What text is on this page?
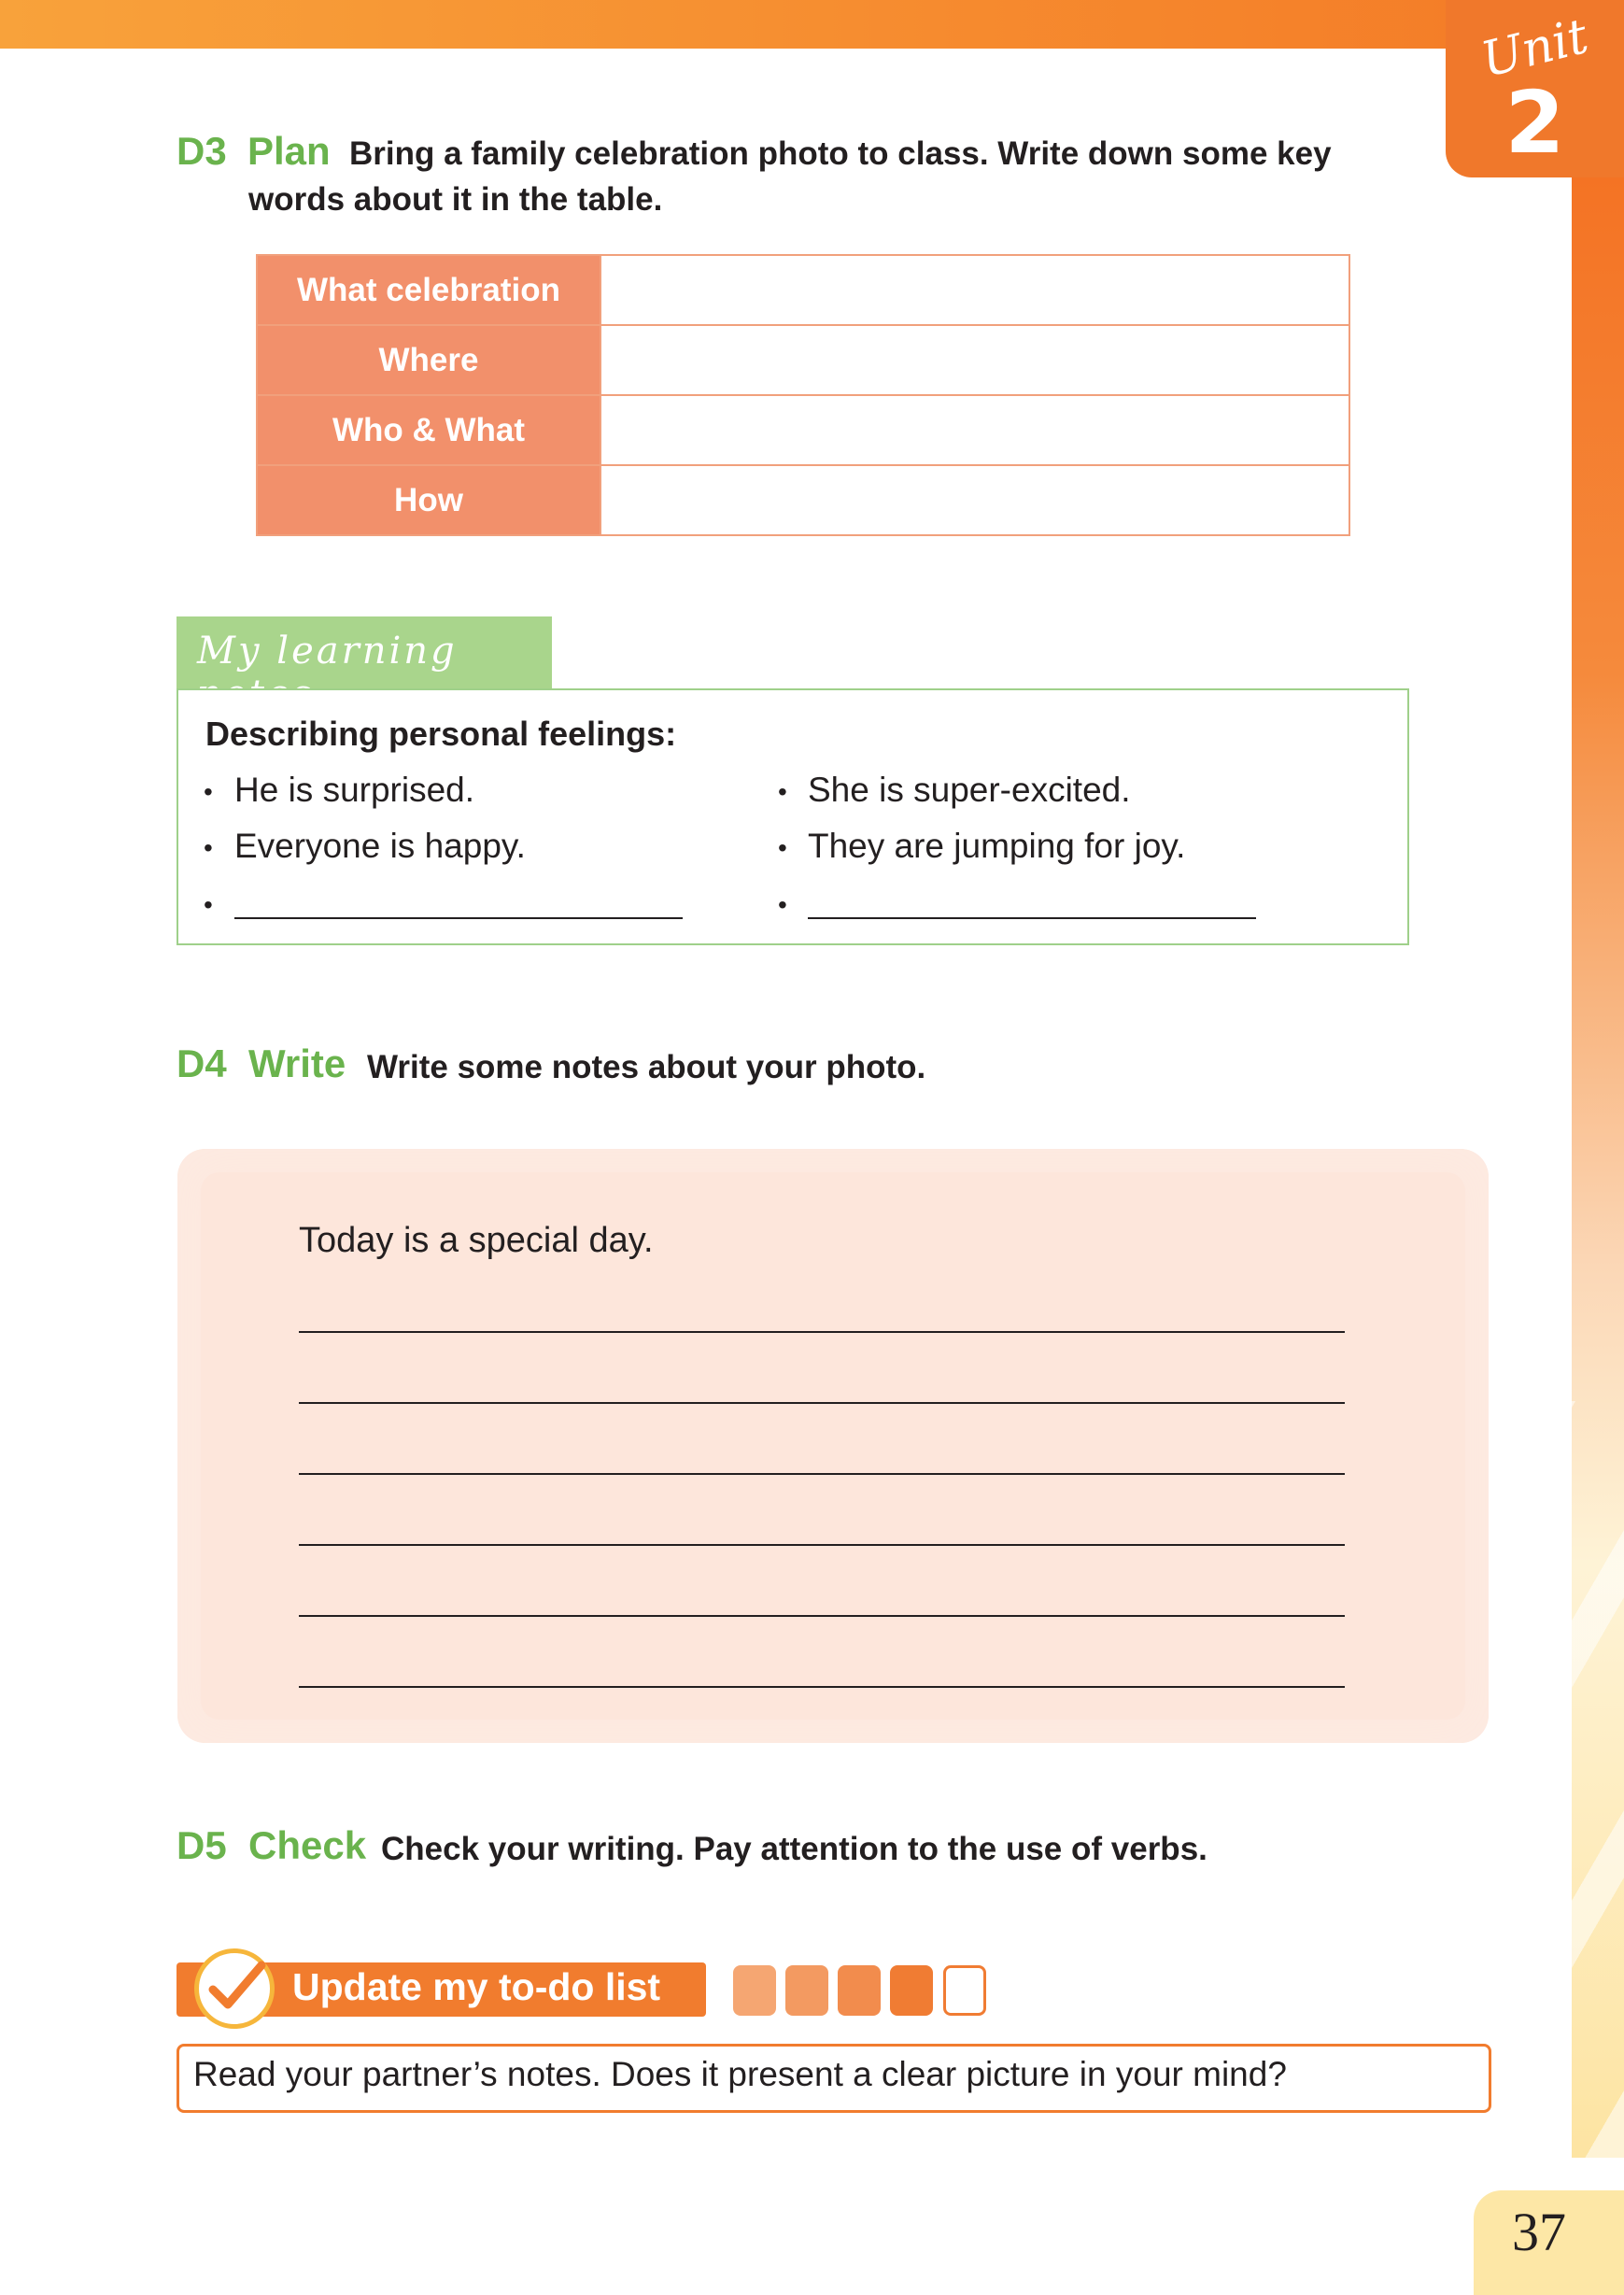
Unit
2
37
D3 Plan Bring a family celebration photo to class. Write down some key
words about it in the table.
What celebration	
Where	
Who & What	
How	
My learning notes
Describing personal feelings:
• He is surprised.
• Everyone is happy.
•
• She is super-excited.
• They are jumping for joy.
•
D4 Write Write some notes about your photo.
Today is a special day.
D5 Check Check your writing. Pay attention to the use of verbs.
Update my to-do list
Read your partner’s notes. Does it present a clear picture in your mind?
